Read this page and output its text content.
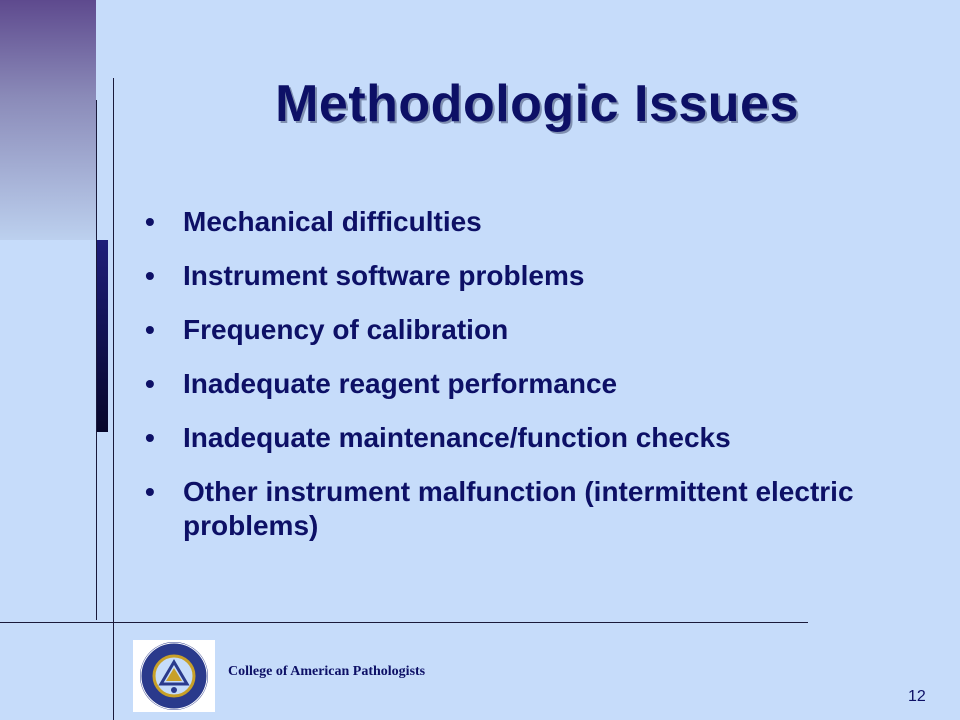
Methodologic Issues
• Mechanical difficulties
• Instrument software problems
• Frequency of calibration
• Inadequate reagent performance
• Inadequate maintenance/function checks
• Other instrument malfunction (intermittent electric problems)
College of American Pathologists
12
